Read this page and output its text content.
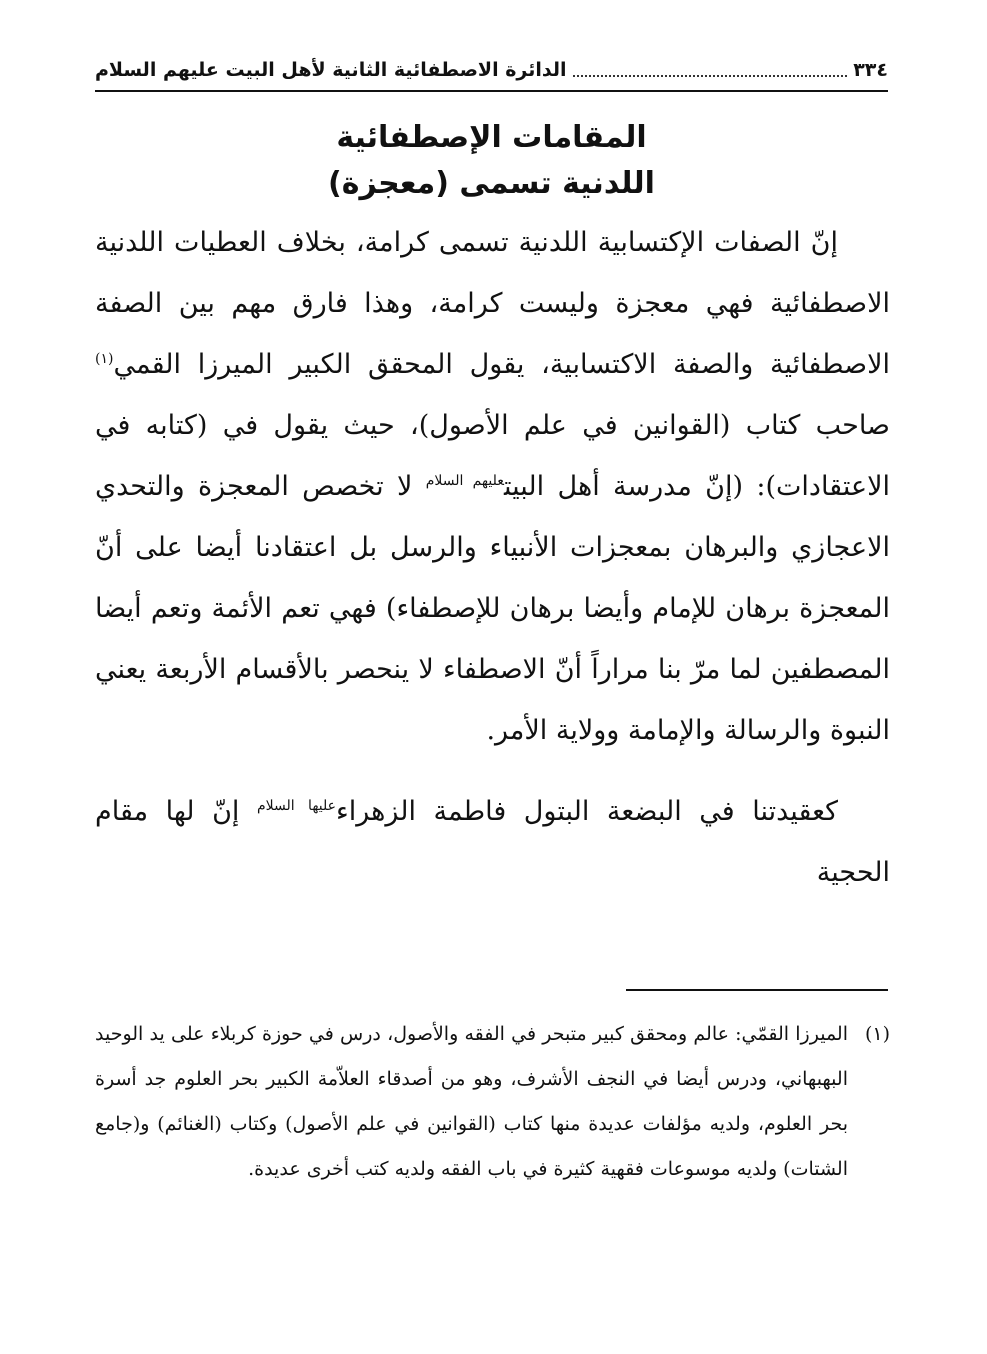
٣٣٤
الدائرة الاصطفائية الثانية لأهل البيت عليهم السلام
المقامات الإصطفائية
اللدنية تسمى (معجزة)

إنّ الصفات الإكتسابية اللدنية تسمى كرامة، بخلاف العطيات اللدنية الاصطفائية فهي معجزة وليست كرامة، وهذا فارق مهم بين الصفة الاصطفائية والصفة الاكتسابية، يقول المحقق الكبير الميرزا القمي$^{(١)}$ صاحب كتاب (القوانين في علم الأصول)، حيث يقول في (كتابه في الاعتقادات): (إنّ مدرسة أهل البيت$^{عليهم السلام}$ لا تخصص المعجزة والتحدي الاعجازي والبرهان بمعجزات الأنبياء والرسل بل اعتقادنا أيضا على أنّ المعجزة برهان للإمام وأيضا برهان للإصطفاء) فهي تعم الأئمة وتعم أيضا المصطفين لما مرّ بنا مراراً أنّ الاصطفاء لا ينحصر بالأقسام الأربعة يعني النبوة والرسالة والإمامة وولاية الأمر.

كعقيدتنا في البضعة البتول فاطمة الزهراء$^{عليها السلام}$ إنّ لها مقام الحجية

(١)
الميرزا القمّي: عالم ومحقق كبير متبحر في الفقه والأصول، درس في حوزة كربلاء على يد الوحيد البهبهاني، ودرس أيضا في النجف الأشرف، وهو من أصدقاء العلاّمة الكبير بحر العلوم جد أسرة بحر العلوم، ولديه مؤلفات عديدة منها كتاب (القوانين في علم الأصول) وكتاب (الغنائم) و(جامع الشتات) ولديه موسوعات فقهية كثيرة في باب الفقه ولديه كتب أخرى عديدة.
